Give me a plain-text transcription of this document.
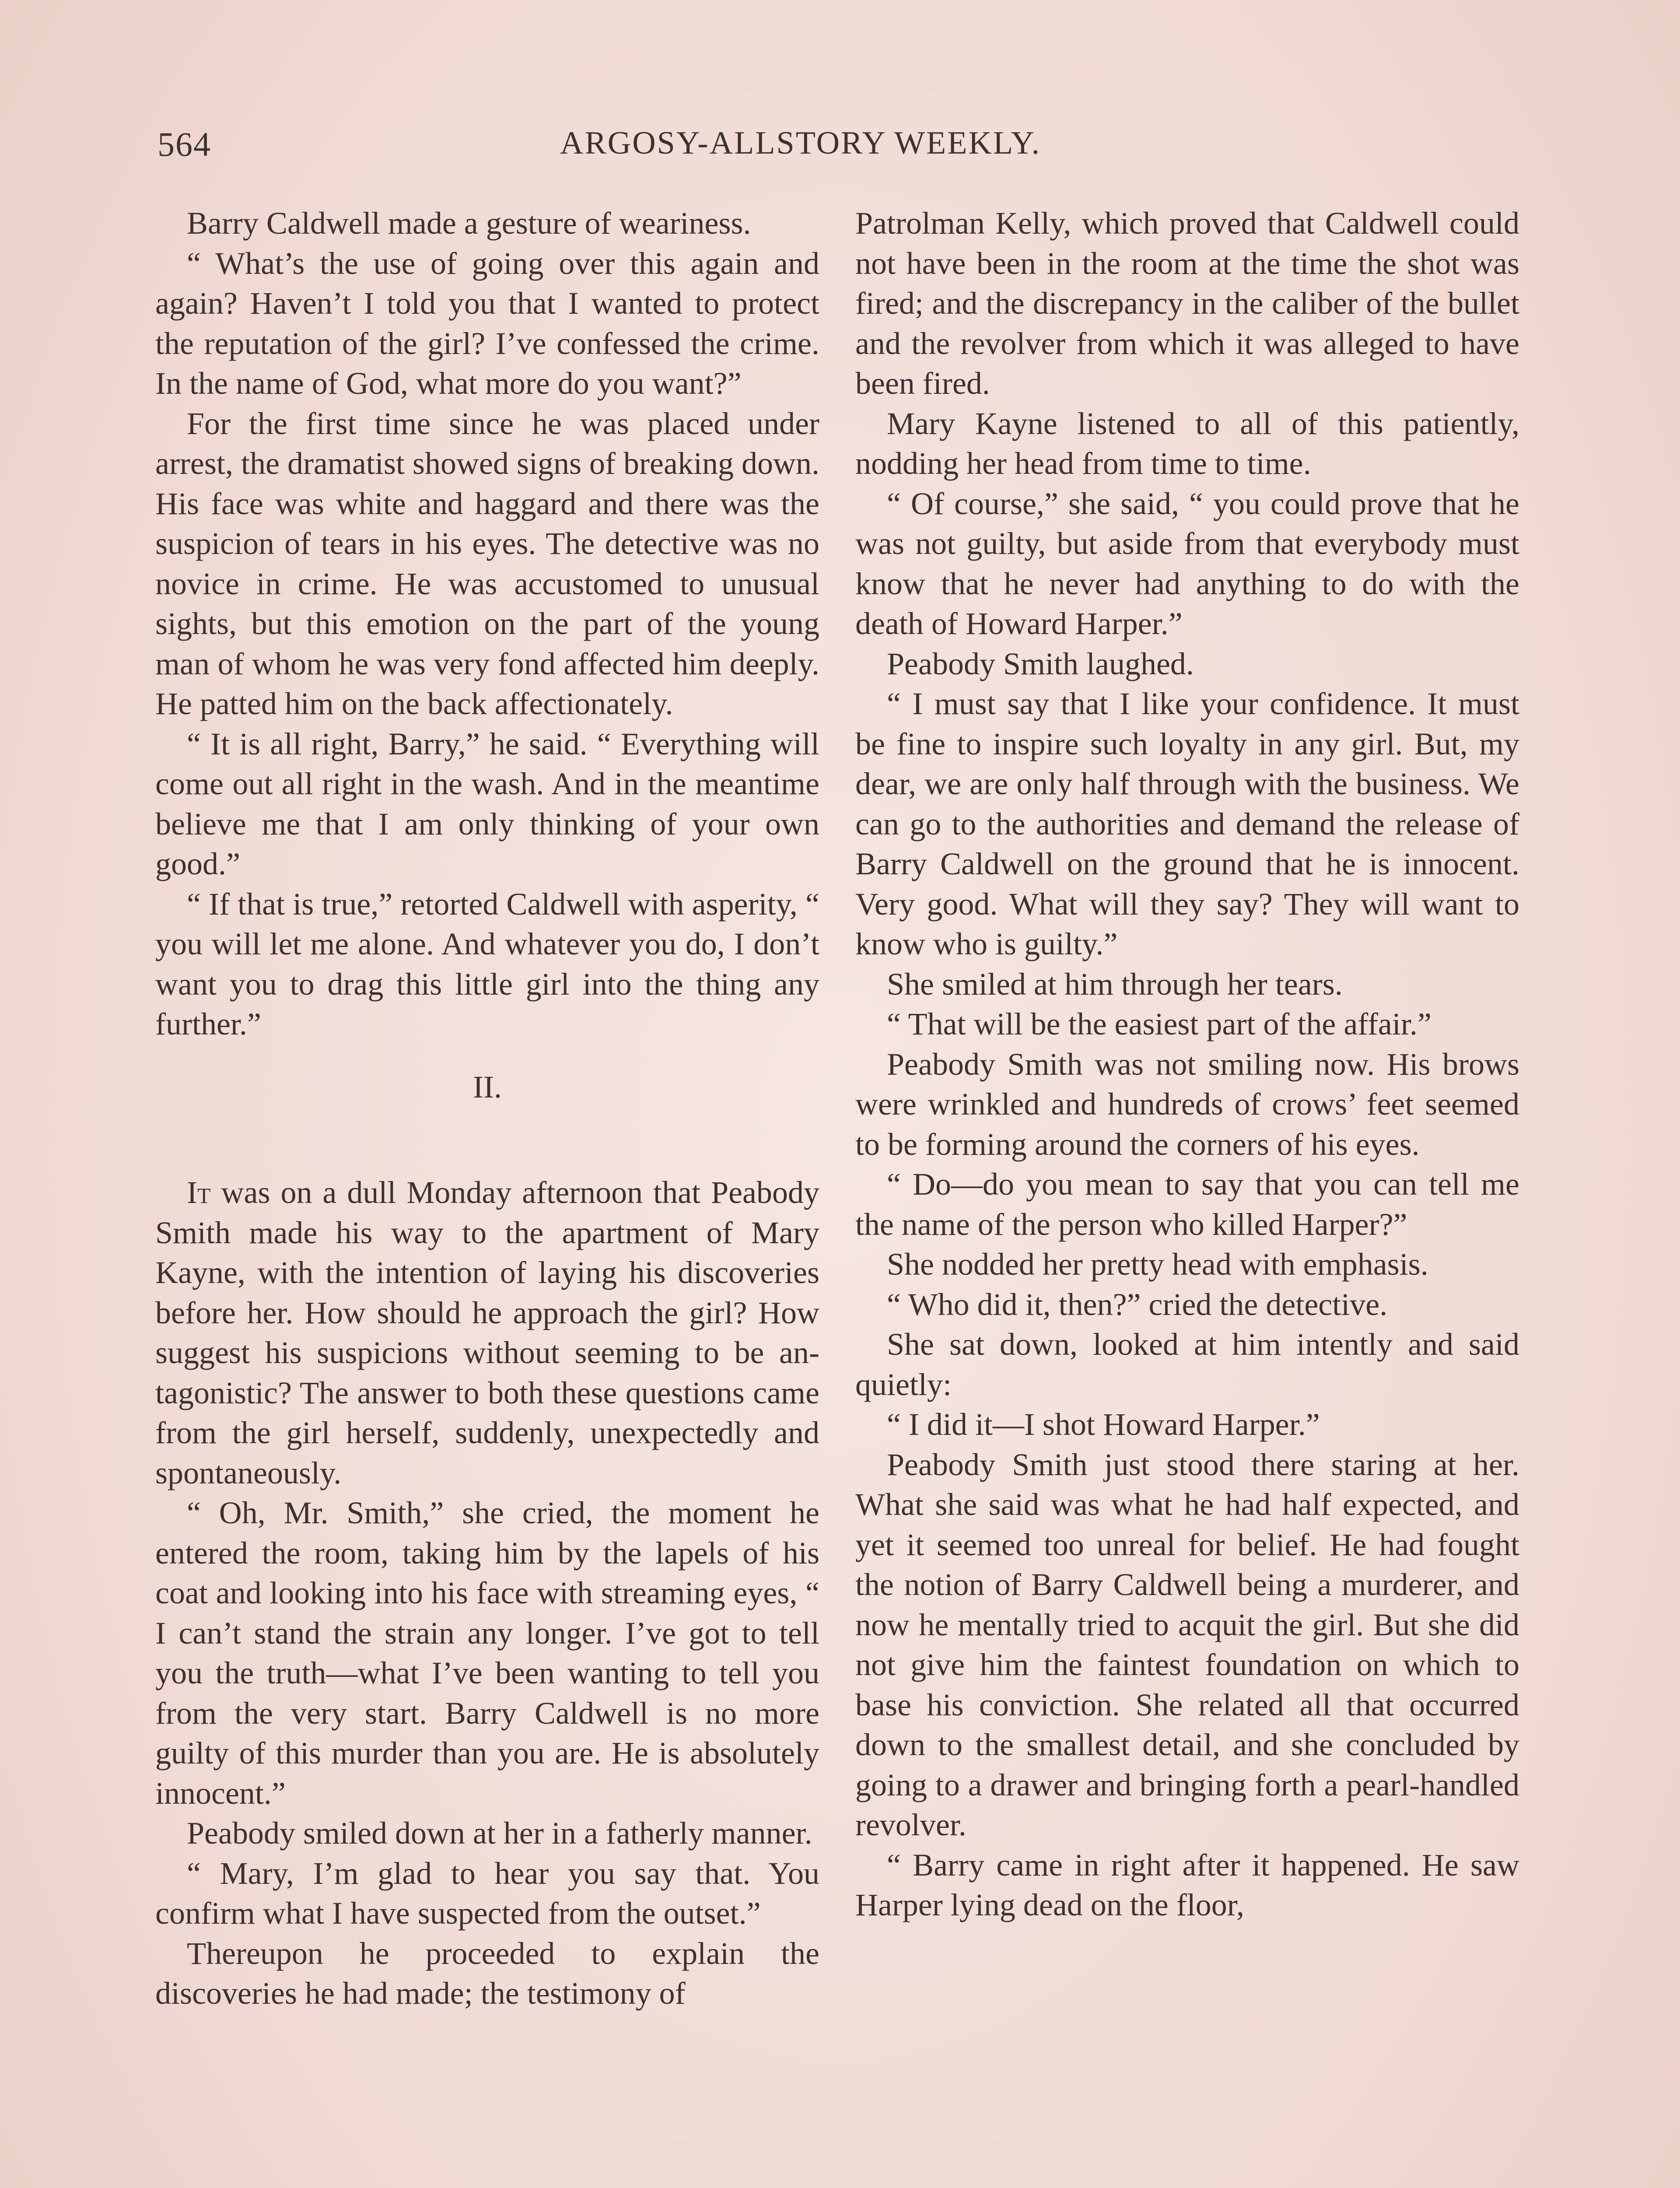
564	ARGOSY-ALLSTORY WEEKLY.

Barry Caldwell made a gesture of weariness.

“ What’s the use of going over this again and again? Haven’t I told you that I wanted to protect the reputation of the girl? I’ve confessed the crime. In the name of God, what more do you want?”

For the first time since he was placed under arrest, the dramatist showed signs of breaking down. His face was white and haggard and there was the suspicion of tears in his eyes. The detective was no novice in crime. He was accustomed to unusual sights, but this emotion on the part of the young man of whom he was very fond affected him deeply. He patted him on the back affectionately.

“ It is all right, Barry,” he said. “ Everything will come out all right in the wash. And in the meantime believe me that I am only thinking of your own good.”

“ If that is true,” retorted Caldwell with asperity, “ you will let me alone. And whatever you do, I don’t want you to drag this little girl into the thing any further.”

II.

It was on a dull Monday afternoon that Peabody Smith made his way to the apartment of Mary Kayne, with the intention of laying his discoveries before her. How should he approach the girl? How suggest his suspicions without seeming to be antagonistic? The answer to both these questions came from the girl herself, suddenly, unexpectedly and spontaneously.

“ Oh, Mr. Smith,” she cried, the moment he entered the room, taking him by the lapels of his coat and looking into his face with streaming eyes, “ I can’t stand the strain any longer. I’ve got to tell you the truth—what I’ve been wanting to tell you from the very start. Barry Caldwell is no more guilty of this murder than you are. He is absolutely innocent.”

Peabody smiled down at her in a fatherly manner.

“ Mary, I’m glad to hear you say that. You confirm what I have suspected from the outset.”

Thereupon he proceeded to explain the discoveries he had made; the testimony of

Patrolman Kelly, which proved that Caldwell could not have been in the room at the time the shot was fired; and the discrepancy in the caliber of the bullet and the revolver from which it was alleged to have been fired.

Mary Kayne listened to all of this patiently, nodding her head from time to time.

“ Of course,” she said, “ you could prove that he was not guilty, but aside from that everybody must know that he never had anything to do with the death of Howard Harper.”

Peabody Smith laughed.

“ I must say that I like your confidence. It must be fine to inspire such loyalty in any girl. But, my dear, we are only half through with the business. We can go to the authorities and demand the release of Barry Caldwell on the ground that he is innocent. Very good. What will they say? They will want to know who is guilty.”

She smiled at him through her tears.

“ That will be the easiest part of the affair.”

Peabody Smith was not smiling now. His brows were wrinkled and hundreds of crows’ feet seemed to be forming around the corners of his eyes.

“ Do—do you mean to say that you can tell me the name of the person who killed Harper?”

She nodded her pretty head with emphasis.

“ Who did it, then?” cried the detective.

She sat down, looked at him intently and said quietly:

“ I did it—I shot Howard Harper.”

Peabody Smith just stood there staring at her. What she said was what he had half expected, and yet it seemed too unreal for belief. He had fought the notion of Barry Caldwell being a murderer, and now he mentally tried to acquit the girl. But she did not give him the faintest foundation on which to base his conviction. She related all that occurred down to the smallest detail, and she concluded by going to a drawer and bringing forth a pearl-handled revolver.

“ Barry came in right after it happened. He saw Harper lying dead on the floor,
